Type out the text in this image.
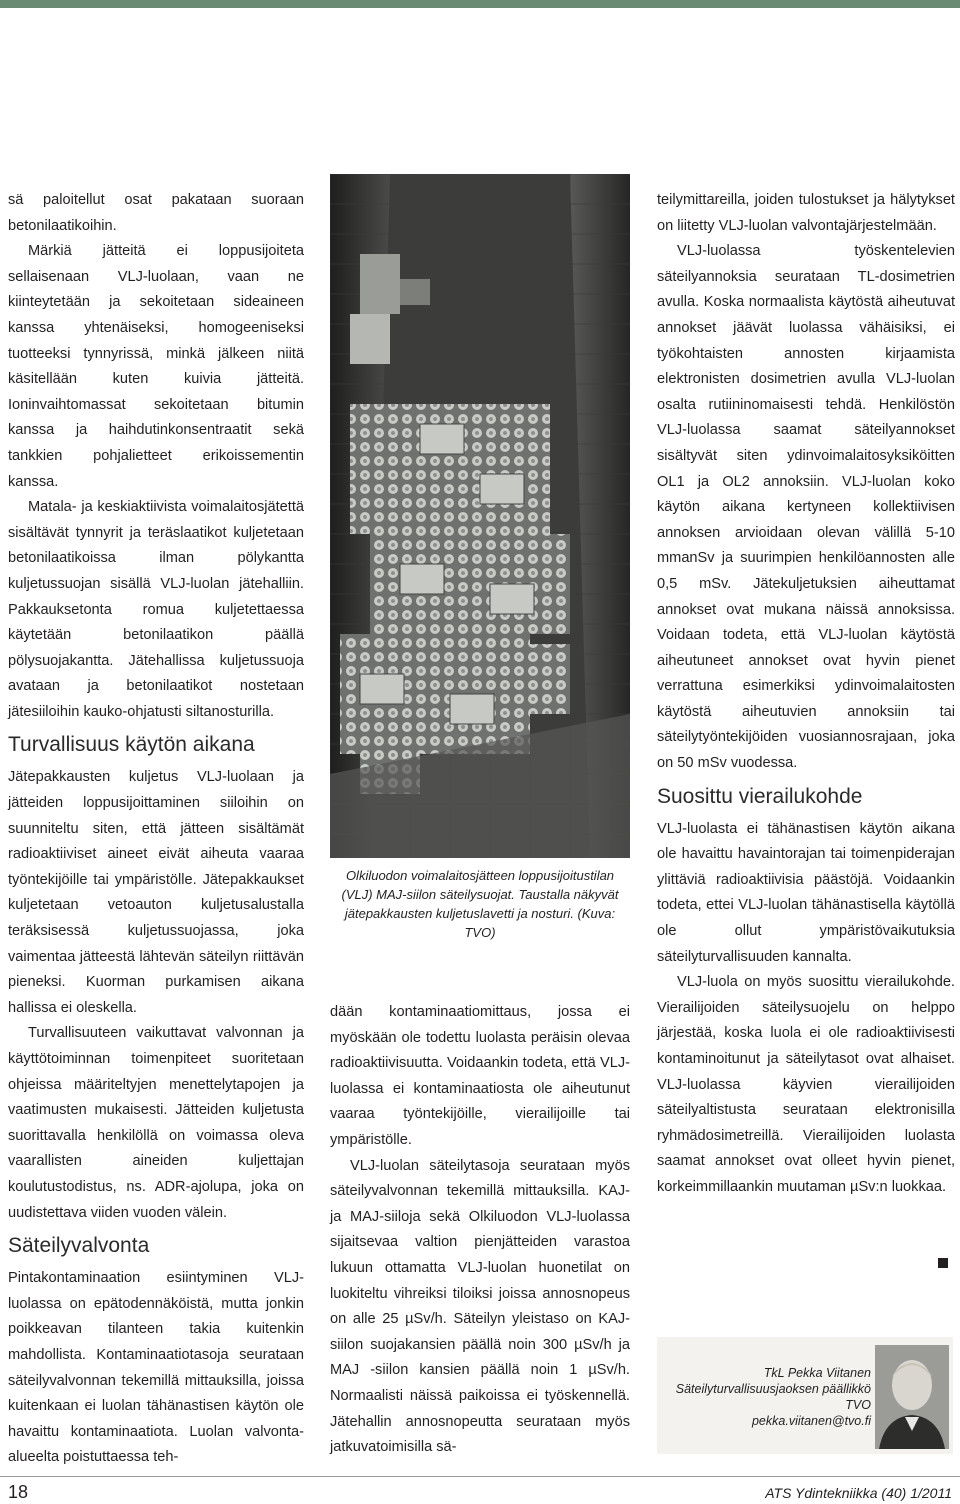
sä paloitellut osat pakataan suoraan betonilaatikoihin.

Märkiä jätteitä ei loppusijoiteta sellaisenaan VLJ-luolaan, vaan ne kiinteytetään ja sekoitetaan sideaineen kanssa yhtenäiseksi, homogeeniseksi tuotteeksi tynnyrissä, minkä jälkeen niitä käsitellään kuten kuivia jätteitä. Ioninvaihtomassat sekoitetaan bitumin kanssa ja haihdutinkonsentraatit sekä tankkien pohjalietteet erikoissementin kanssa.

Matala- ja keskiaktiivista voimalaitosjätettä sisältävät tynnyrit ja teräslaatikot kuljetetaan betonilaatikoissa ilman pölykantta kuljetussuojan sisällä VLJ-luolan jätehalliin. Pakkauksetonta romua kuljetettaessa käytetään betonilaatikon päällä pölysuojakantta. Jätehallissa kuljetussuoja avataan ja betonilaatikot nostetaan jätesiiloihin kauko-ohjatusti siltanosturilla.

Turvallisuus käytön aikana

Jätepakkausten kuljetus VLJ-luolaan ja jätteiden loppusijoittaminen siiloihin on suunniteltu siten, että jätteen sisältämät radioaktiiviset aineet eivät aiheuta vaaraa työntekijöille tai ympäristölle. Jätepakkaukset kuljetetaan vetoauton kuljetusalustalla teräksisessä kuljetussuojassa, joka vaimentaa jätteestä lähtevän säteilyn riittävän pieneksi. Kuorman purkamisen aikana hallissa ei oleskella.

Turvallisuuteen vaikuttavat valvonnan ja käyttötoiminnan toimenpiteet suoritetaan ohjeissa määriteltyjen menettelytapojen ja vaatimusten mukaisesti. Jätteiden kuljetusta suorittavalla henkilöllä on voimassa oleva vaarallisten aineiden kuljettajan koulutustodistus, ns. ADR-ajolupa, joka on uudistettava viiden vuoden välein.

Säteilyvalvonta

Pintakontaminaation esiintyminen VLJ-luolassa on epätodennäköistä, mutta jonkin poikkeavan tilanteen takia kuitenkin mahdollista. Kontaminaatiotasoja seurataan säteilyvalvonnan tekemillä mittauksilla, joissa kuitenkaan ei luolan tähänastisen käytön ole havaittu kontaminaatiota. Luolan valvonta-alueelta poistuttaessa teh-

Olkiluodon voimalaitosjätteen loppusijoitustilan (VLJ) MAJ-siilon säteilysuojat. Taustalla näkyvät jätepakkausten kuljetuslavetti ja nosturi. (Kuva: TVO)

dään kontaminaatiomittaus, jossa ei myöskään ole todettu luolasta peräisin olevaa radioaktiivisuutta. Voidaankin todeta, että VLJ-luolassa ei kontaminaatiosta ole aiheutunut vaaraa työntekijöille, vierailijoille tai ympäristölle.

VLJ-luolan säteilytasoja seurataan myös säteilyvalvonnan tekemillä mittauksilla. KAJ- ja MAJ-siiloja sekä Olkiluodon VLJ-luolassa sijaitsevaa valtion pienjätteiden varastoa lukuun ottamatta VLJ-luolan huonetilat on luokiteltu vihreiksi tiloiksi joissa annosnopeus on alle 25 µSv/h. Säteilyn yleistaso on KAJ-siilon suojakansien päällä noin 300 µSv/h ja MAJ -siilon kansien päällä noin 1 µSv/h. Normaalisti näissä paikoissa ei työskennellä. Jätehallin annosnopeutta seurataan myös jatkuvatoimisilla sä-

teilymittareilla, joiden tulostukset ja hälytykset on liitetty VLJ-luolan valvontajärjestelmään.

VLJ-luolassa työskentelevien säteilyannoksia seurataan TL-dosimetrien avulla. Koska normaalista käytöstä aiheutuvat annokset jäävät luolassa vähäisiksi, ei työkohtaisten annosten kirjaamista elektronisten dosimetrien avulla VLJ-luolan osalta rutiininomaisesti tehdä. Henkilöstön VLJ-luolassa saamat säteilyannokset sisältyvät siten ydinvoimalaitosyksiköitten OL1 ja OL2 annoksiin. VLJ-luolan koko käytön aikana kertyneen kollektiivisen annoksen arvioidaan olevan välillä 5-10 mmanSv ja suurimpien henkilöannosten alle 0,5 mSv. Jätekuljetuksien aiheuttamat annokset ovat mukana näissä annoksissa. Voidaan todeta, että VLJ-luolan käytöstä aiheutuneet annokset ovat hyvin pienet verrattuna esimerkiksi ydinvoimalaitosten käytöstä aiheutuvien annoksiin tai säteilytyöntekijöiden vuosiannosrajaan, joka on 50 mSv vuodessa.

Suosittu vierailukohde

VLJ-luolasta ei tähänastisen käytön aikana ole havaittu havaintorajan tai toimenpiderajan ylittäviä radioaktiivisia päästöjä. Voidaankin todeta, ettei VLJ-luolan tähänastisella käytöllä ole ollut ympäristövaikutuksia säteilyturvallisuuden kannalta.

VLJ-luola on myös suosittu vierailukohde. Vierailijoiden säteilysuojelu on helppo järjestää, koska luola ei ole radioaktiivisesti kontaminoitunut ja säteilytasot ovat alhaiset. VLJ-luolassa käyvien vierailijoiden säteilyaltistusta seurataan elektronisilla ryhmädosimetreillä. Vierailijoiden luolasta saamat annokset ovat olleet hyvin pienet, korkeimmillaankin muutaman µSv:n luokkaa.

TkL Pekka Viitanen
Säteilyturvallisuusjaoksen päällikkö
TVO
pekka.viitanen@tvo.fi
18	ATS Ydintekniikka (40) 1/2011
